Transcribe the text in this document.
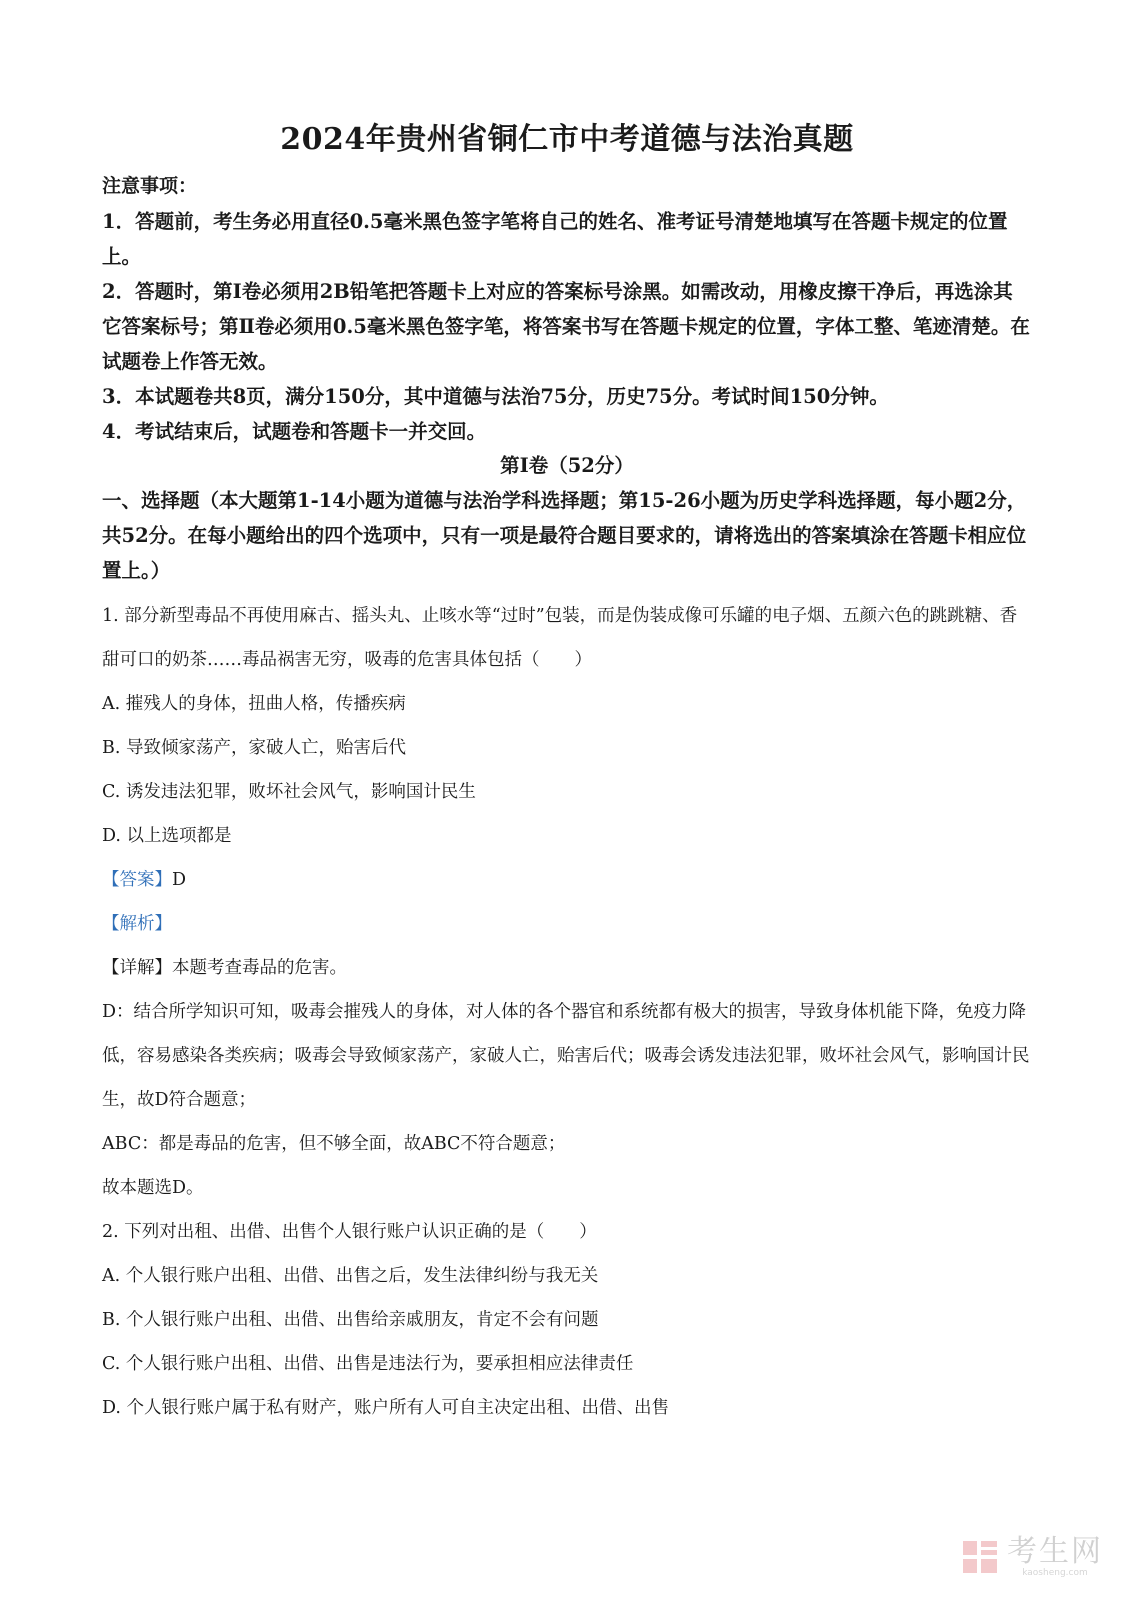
2024年贵州省铜仁市中考道德与法治真题

注意事项：

1．答题前，考生务必用直径0.5毫米黑色签字笔将自己的姓名、准考证号清楚地填写在答题卡规定的位置上。

2．答题时，第Ⅰ卷必须用2B铅笔把答题卡上对应的答案标号涂黑。如需改动，用橡皮擦干净后，再选涂其它答案标号；第Ⅱ卷必须用0.5毫米黑色签字笔，将答案书写在答题卡规定的位置，字体工整、笔迹清楚。在试题卷上作答无效。

3．本试题卷共8页，满分150分，其中道德与法治75分，历史75分。考试时间150分钟。

4．考试结束后，试题卷和答题卡一并交回。

第Ⅰ卷（52分）

一、选择题（本大题第1-14小题为道德与法治学科选择题；第15-26小题为历史学科选择题，每小题2分，共52分。在每小题给出的四个选项中，只有一项是最符合题目要求的，请将选出的答案填涂在答题卡相应位置上。）

1. 部分新型毒品不再使用麻古、摇头丸、止咳水等“过时”包装，而是伪装成像可乐罐的电子烟、五颜六色的跳跳糖、香甜可口的奶茶……毒品祸害无穷，吸毒的危害具体包括（　　）

A. 摧残人的身体，扭曲人格，传播疾病

B. 导致倾家荡产，家破人亡，贻害后代

C. 诱发违法犯罪，败坏社会风气，影响国计民生

D. 以上选项都是

【答案】D

【解析】

【详解】本题考查毒品的危害。

D：结合所学知识可知，吸毒会摧残人的身体，对人体的各个器官和系统都有极大的损害，导致身体机能下降，免疫力降低，容易感染各类疾病；吸毒会导致倾家荡产，家破人亡，贻害后代；吸毒会诱发违法犯罪，败坏社会风气，影响国计民生，故D符合题意；

ABC：都是毒品的危害，但不够全面，故ABC不符合题意；

故本题选D。

2. 下列对出租、出借、出售个人银行账户认识正确的是（　　）

A. 个人银行账户出租、出借、出售之后，发生法律纠纷与我无关

B. 个人银行账户出租、出借、出售给亲戚朋友，肯定不会有问题

C. 个人银行账户出租、出借、出售是违法行为，要承担相应法律责任

D. 个人银行账户属于私有财产，账户所有人可自主决定出租、出借、出售

考生网
kaosheng.com
